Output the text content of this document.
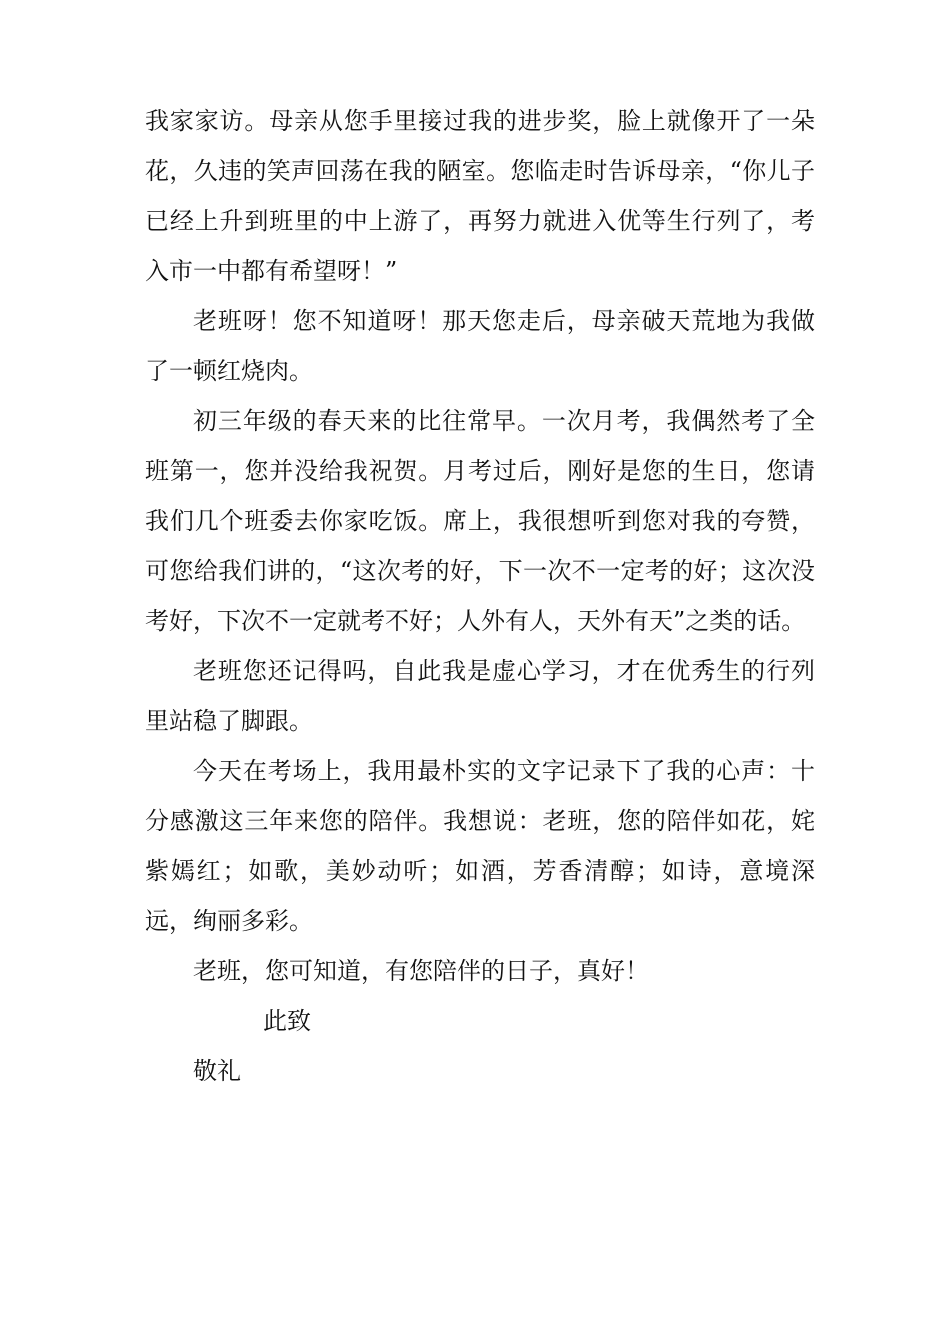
我家家访。母亲从您手里接过我的进步奖，脸上就像开了一朵花，久违的笑声回荡在我的陋室。您临走时告诉母亲，“你儿子已经上升到班里的中上游了，再努力就进入优等生行列了，考入市一中都有希望呀！”

老班呀！您不知道呀！那天您走后，母亲破天荒地为我做了一顿红烧肉。

初三年级的春天来的比往常早。一次月考，我偶然考了全班第一，您并没给我祝贺。月考过后，刚好是您的生日，您请我们几个班委去你家吃饭。席上，我很想听到您对我的夸赞，可您给我们讲的，“这次考的好，下一次不一定考的好；这次没考好，下次不一定就考不好；人外有人，天外有天”之类的话。

老班您还记得吗，自此我是虚心学习，才在优秀生的行列里站稳了脚跟。

今天在考场上，我用最朴实的文字记录下了我的心声：十分感激这三年来您的陪伴。我想说：老班，您的陪伴如花，姹紫嫣红；如歌，美妙动听；如酒，芳香清醇；如诗，意境深远，绚丽多彩。

老班，您可知道，有您陪伴的日子，真好！

此致

敬礼
